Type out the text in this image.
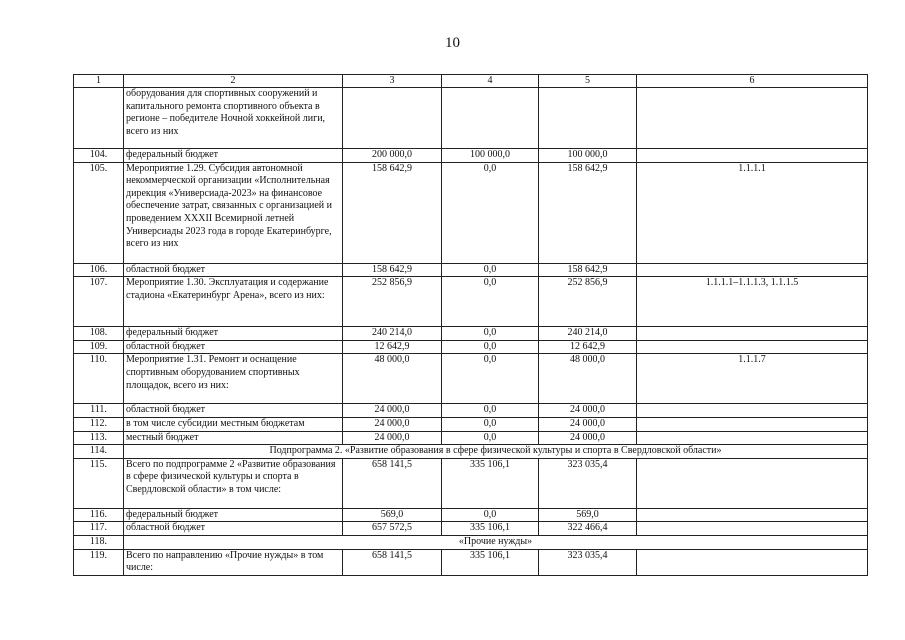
10
1	2	3	4	5	6
	оборудования для спортивных сооружений и капитального ремонта спортивного объекта в регионе – победителе Ночной хоккейной лиги, всего из них				
104.	федеральный бюджет	200 000,0	100 000,0	100 000,0	
105.	Мероприятие 1.29. Субсидия автономной некоммерческой организации «Исполнительная дирекция «Универсиада-2023» на финансовое обеспечение затрат, связанных с организацией и проведением XXXII Всемирной летней Универсиады 2023 года в городе Екатеринбурге, всего из них	158 642,9	0,0	158 642,9	1.1.1.1
106.	областной бюджет	158 642,9	0,0	158 642,9	
107.	Мероприятие 1.30. Эксплуатация и содержание стадиона «Екатеринбург Арена», всего из них:	252 856,9	0,0	252 856,9	1.1.1.1–1.1.1.3, 1.1.1.5
108.	федеральный бюджет	240 214,0	0,0	240 214,0	
109.	областной бюджет	12 642,9	0,0	12 642,9	
110.	Мероприятие 1.31. Ремонт и оснащение спортивным оборудованием спортивных площадок, всего из них:	48 000,0	0,0	48 000,0	1.1.1.7
111.	областной бюджет	24 000,0	0,0	24 000,0	
112.	в том числе субсидии местным бюджетам	24 000,0	0,0	24 000,0	
113.	местный бюджет	24 000,0	0,0	24 000,0	
114.	Подпрограмма 2. «Развитие образования в сфере физической культуры и спорта в Свердловской области»				
115.	Всего по подпрограмме 2 «Развитие образования в сфере физической культуры и спорта в Свердловской области» в том числе:	658 141,5	335 106,1	323 035,4	
116.	федеральный бюджет	569,0	0,0	569,0	
117.	областной бюджет	657 572,5	335 106,1	322 466,4	
118.	«Прочие нужды»				
119.	Всего по направлению «Прочие нужды» в том числе:	658 141,5	335 106,1	323 035,4	
